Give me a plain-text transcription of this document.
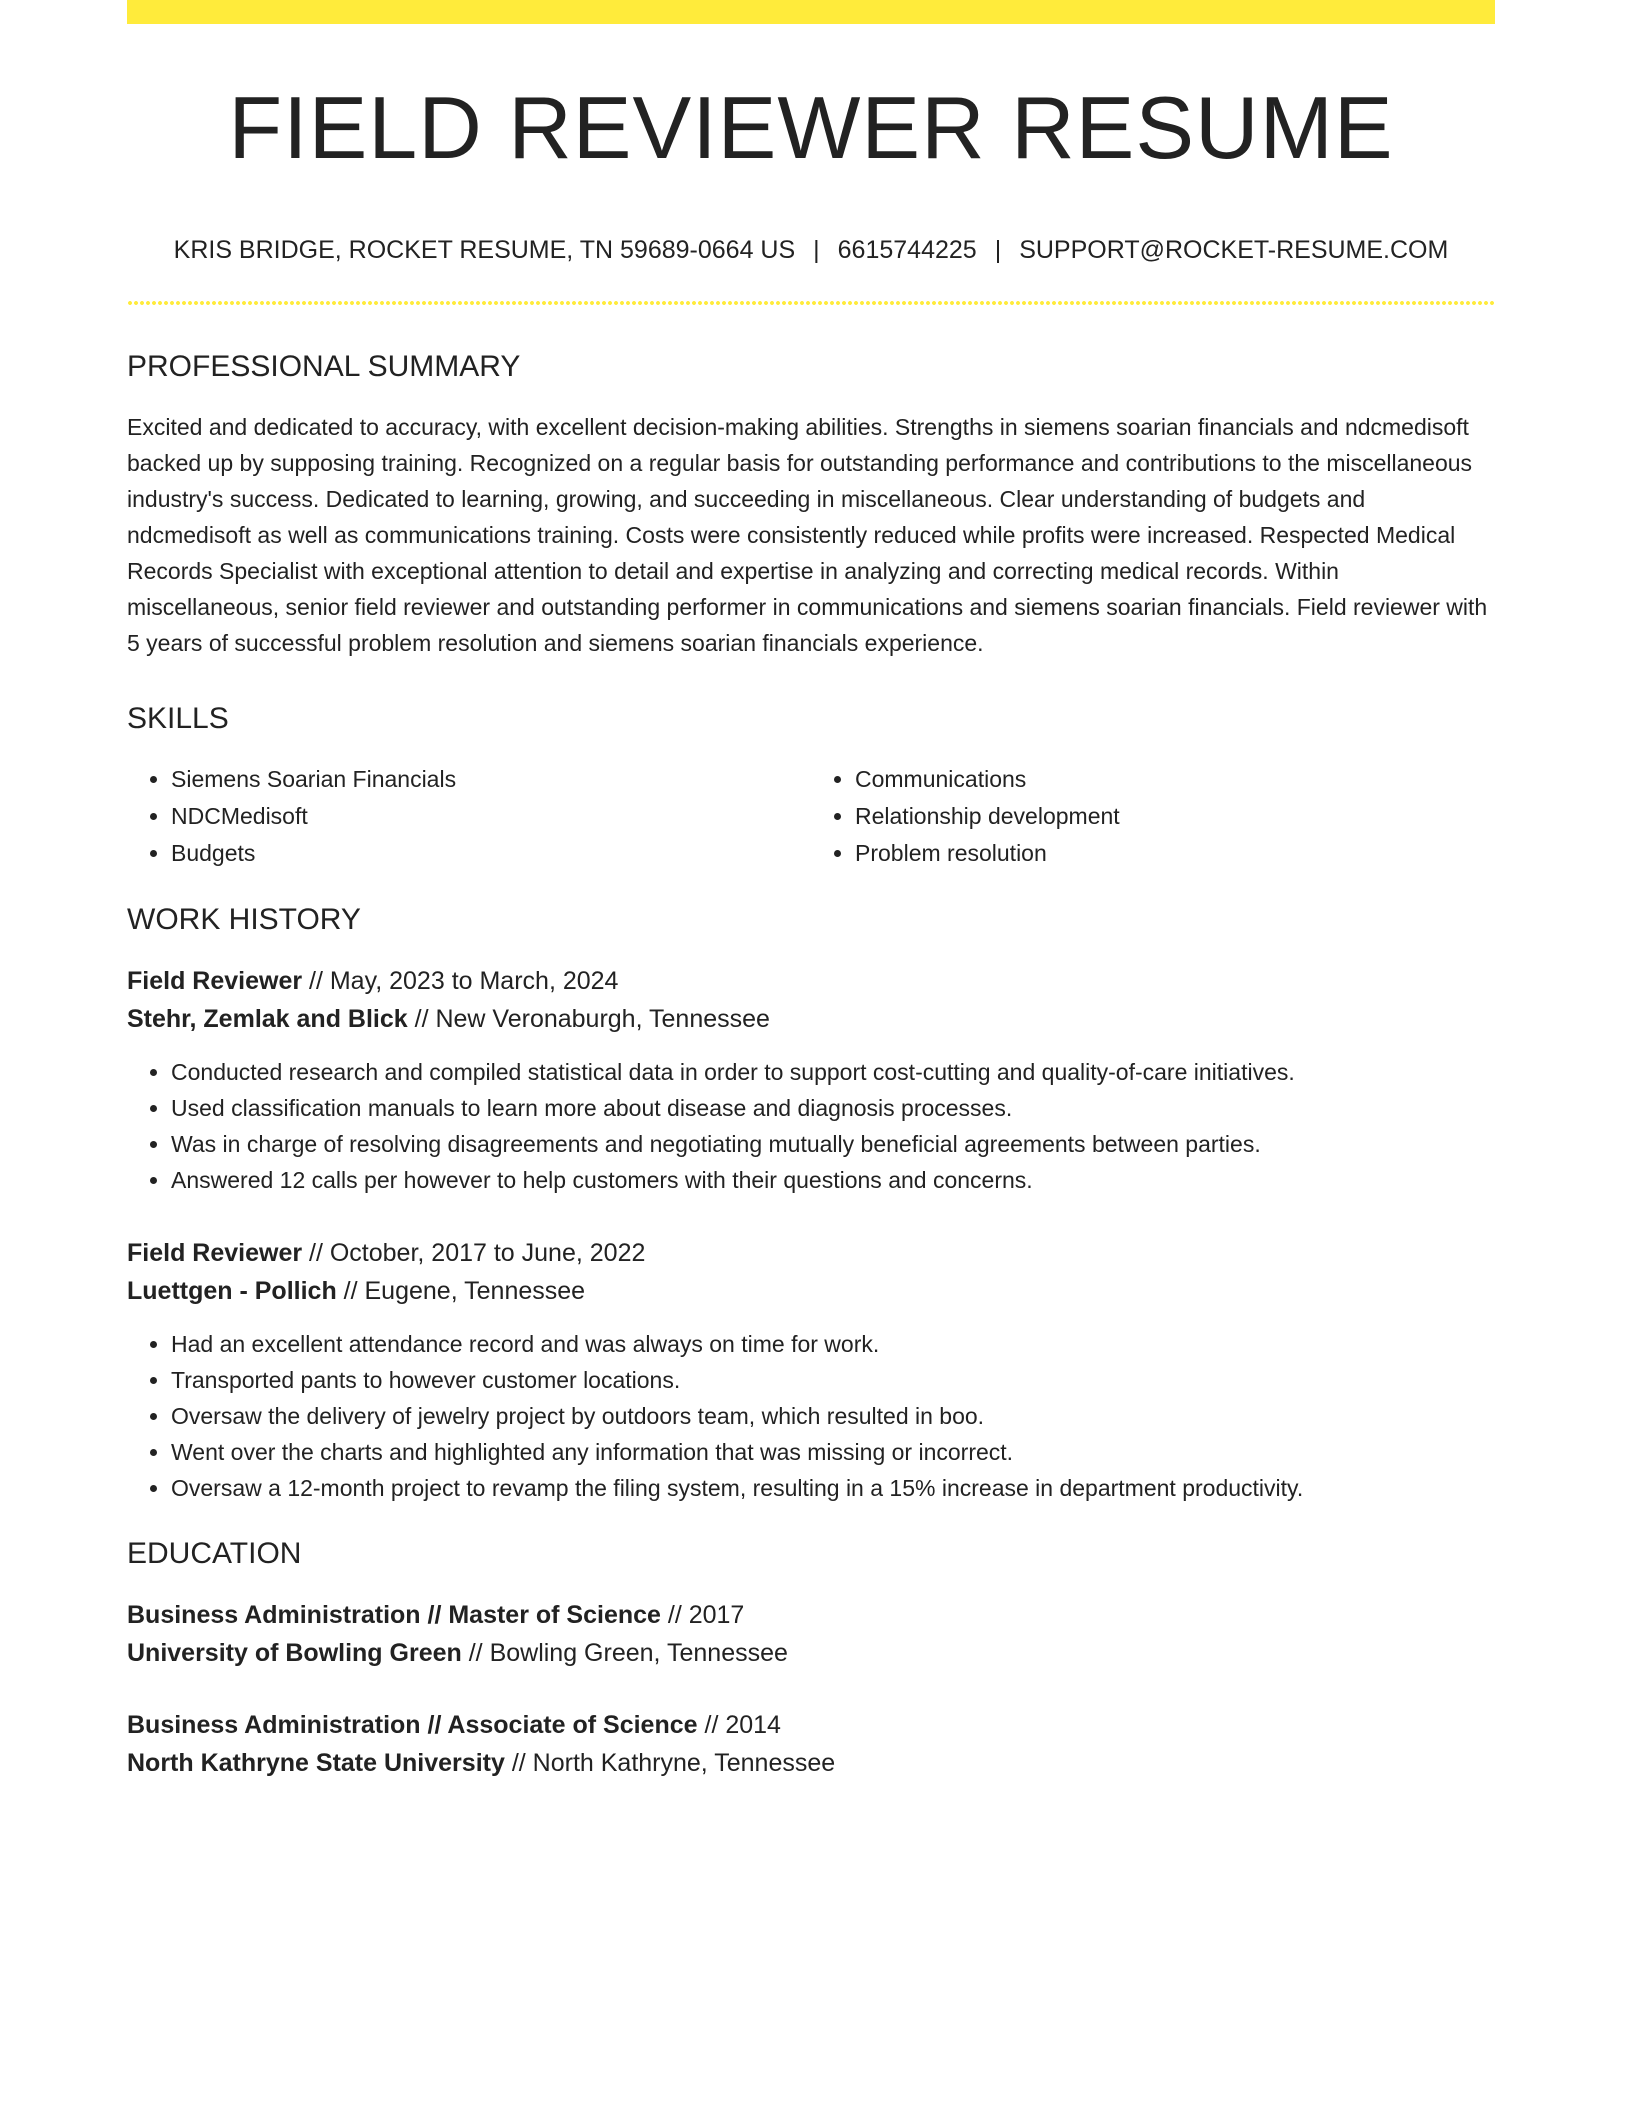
FIELD REVIEWER RESUME
KRIS BRIDGE, ROCKET RESUME, TN 59689-0664 US | 6615744225 | SUPPORT@ROCKET-RESUME.COM
PROFESSIONAL SUMMARY
Excited and dedicated to accuracy, with excellent decision-making abilities. Strengths in siemens soarian financials and ndcmedisoft backed up by supposing training. Recognized on a regular basis for outstanding performance and contributions to the miscellaneous industry's success. Dedicated to learning, growing, and succeeding in miscellaneous. Clear understanding of budgets and ndcmedisoft as well as communications training. Costs were consistently reduced while profits were increased. Respected Medical Records Specialist with exceptional attention to detail and expertise in analyzing and correcting medical records. Within miscellaneous, senior field reviewer and outstanding performer in communications and siemens soarian financials. Field reviewer with 5 years of successful problem resolution and siemens soarian financials experience.
SKILLS
• Siemens Soarian Financials
• NDCMedisoft
• Budgets
• Communications
• Relationship development
• Problem resolution
WORK HISTORY
Field Reviewer // May, 2023 to March, 2024
Stehr, Zemlak and Blick // New Veronaburgh, Tennessee
• Conducted research and compiled statistical data in order to support cost-cutting and quality-of-care initiatives.
• Used classification manuals to learn more about disease and diagnosis processes.
• Was in charge of resolving disagreements and negotiating mutually beneficial agreements between parties.
• Answered 12 calls per however to help customers with their questions and concerns.
Field Reviewer // October, 2017 to June, 2022
Luettgen - Pollich // Eugene, Tennessee
• Had an excellent attendance record and was always on time for work.
• Transported pants to however customer locations.
• Oversaw the delivery of jewelry project by outdoors team, which resulted in boo.
• Went over the charts and highlighted any information that was missing or incorrect.
• Oversaw a 12-month project to revamp the filing system, resulting in a 15% increase in department productivity.
EDUCATION
Business Administration // Master of Science // 2017
University of Bowling Green // Bowling Green, Tennessee
Business Administration // Associate of Science // 2014
North Kathryne State University // North Kathryne, Tennessee
